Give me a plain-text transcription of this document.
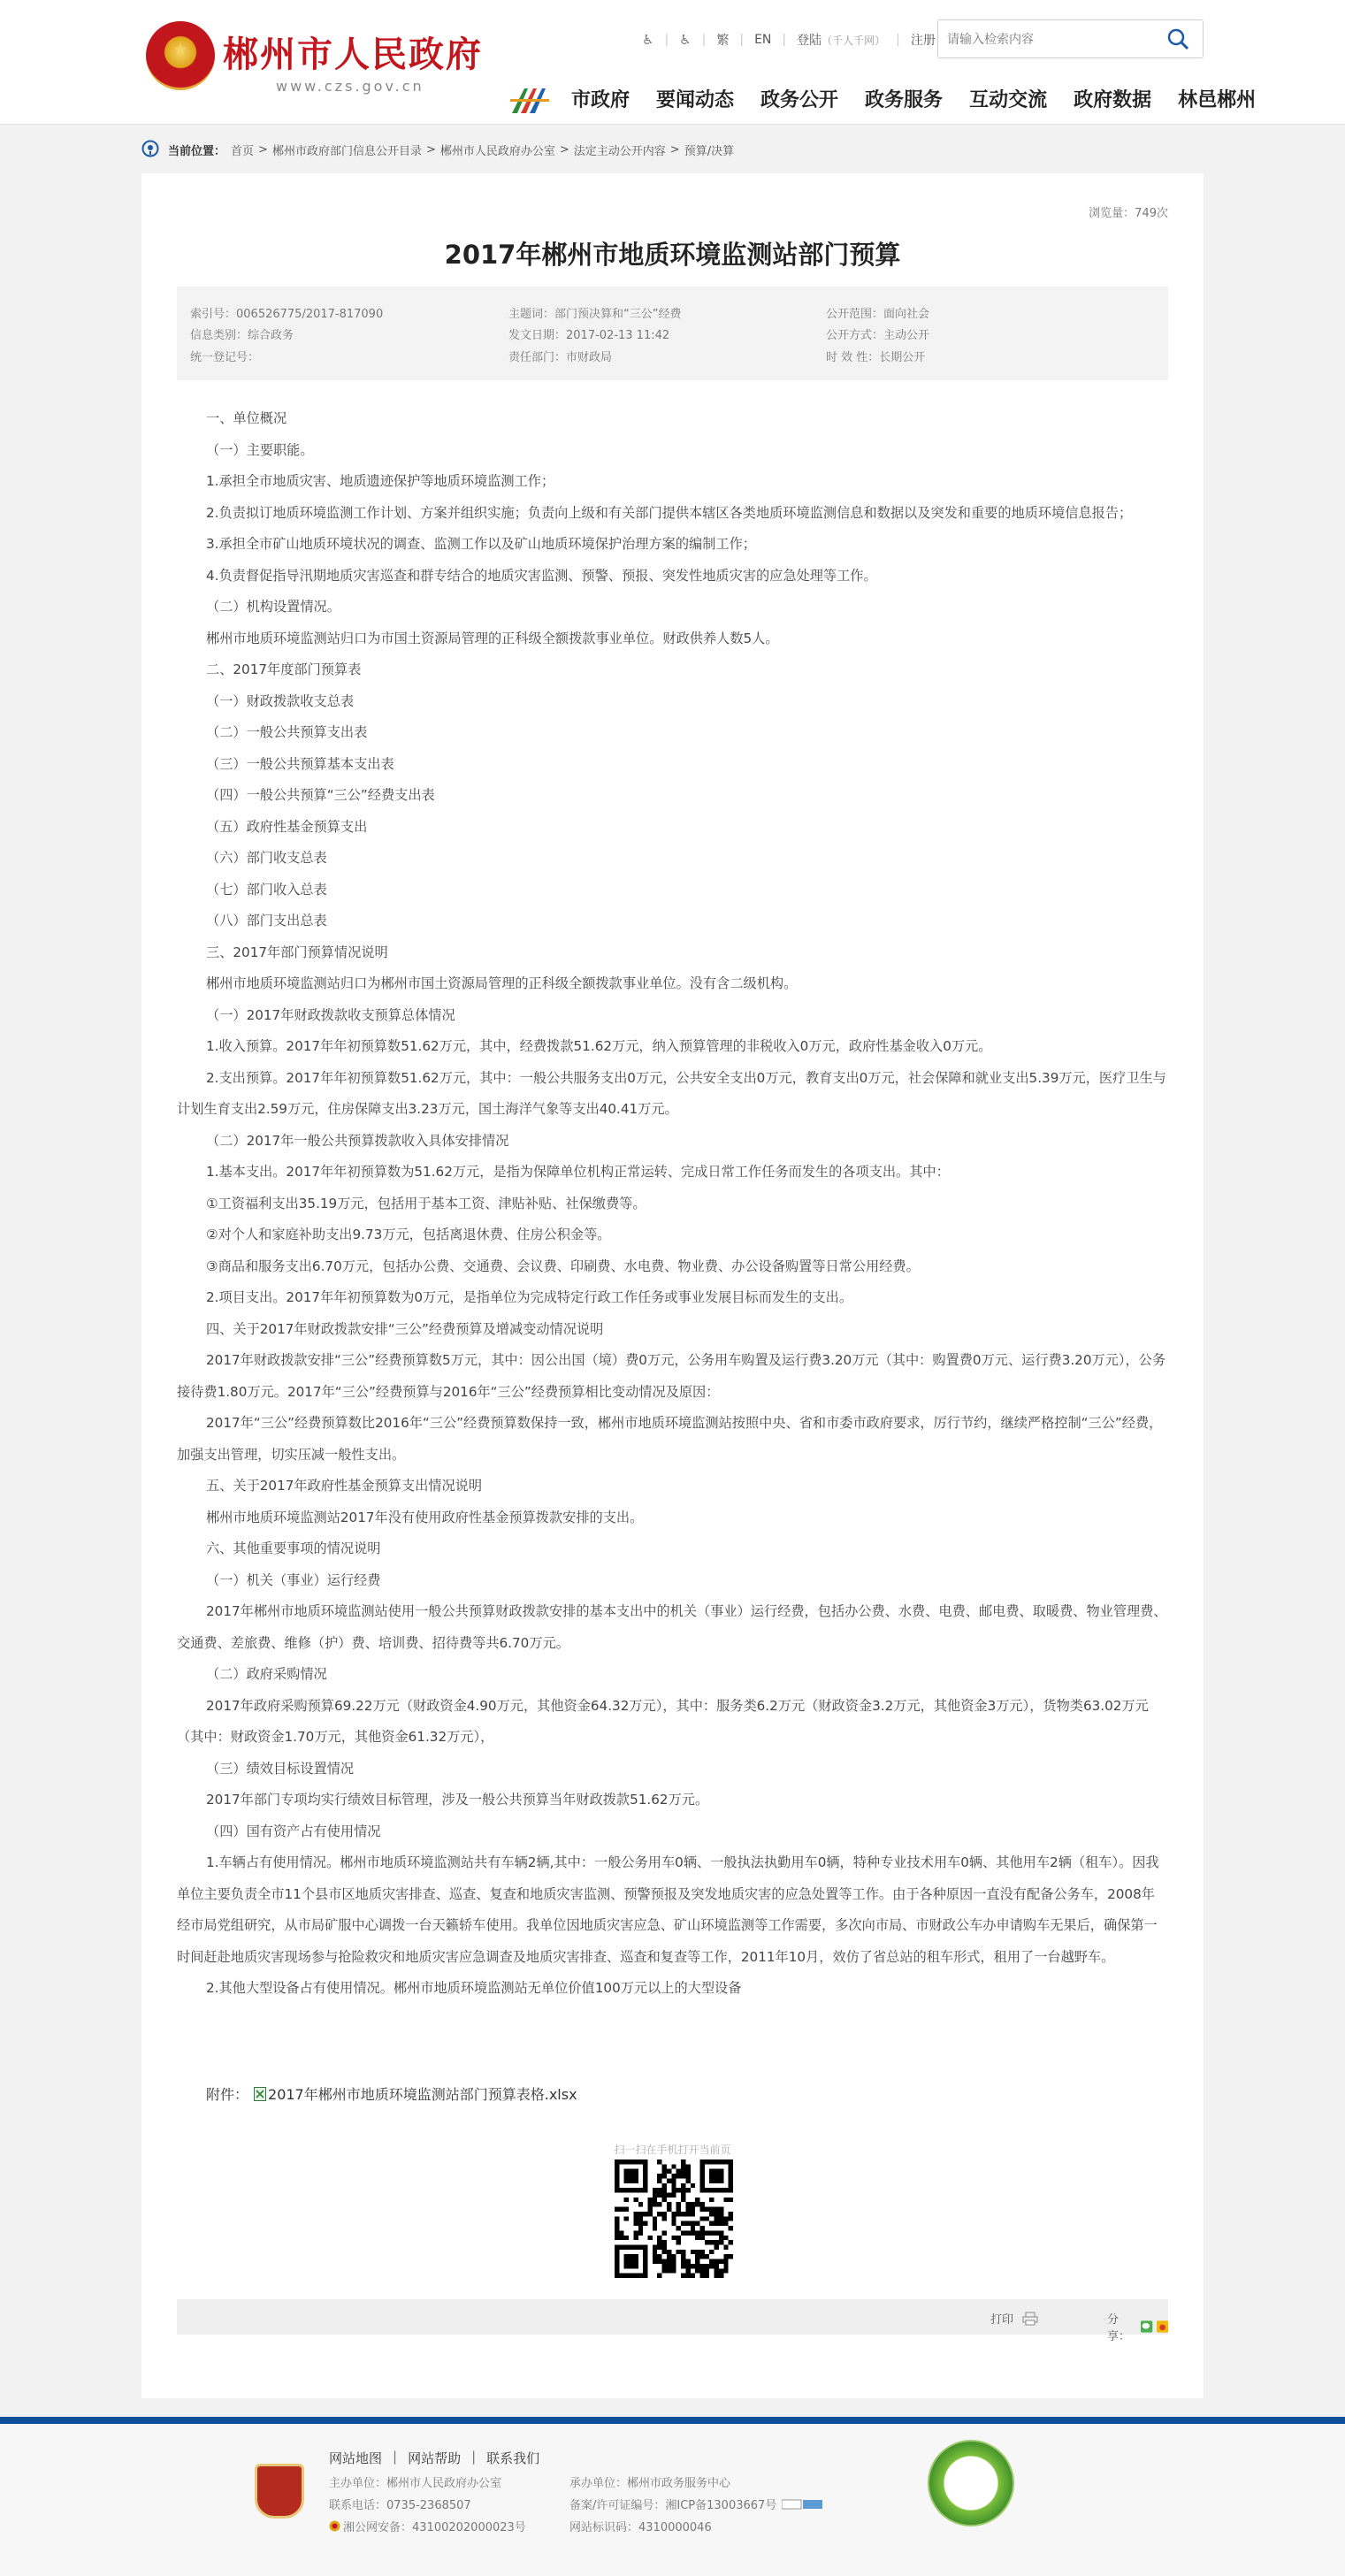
郴州市人民政府
www.czs.gov.cn
♿ | ♿ | 繁 | EN | 登陆 （千人千网） | 注册
请输入检索内容
市政府 要闻动态 政务公开 政务服务 互动交流 政府数据 林邑郴州
当前位置： 首页 > 郴州市政府部门信息公开目录 > 郴州市人民政府办公室 > 法定主动公开内容 > 预算/决算
浏览量：749次
2017年郴州市地质环境监测站部门预算
索引号：006526775/2017-817090
信息类别：综合政务
统一登记号：
主题词：部门预决算和“三公”经费
发文日期：2017-02-13 11:42
责任部门：市财政局
公开范围：面向社会
公开方式：主动公开
时 效 性：长期公开

一、单位概况

（一）主要职能。

1.承担全市地质灾害、地质遗迹保护等地质环境监测工作；

2.负责拟订地质环境监测工作计划、方案并组织实施；负责向上级和有关部门提供本辖区各类地质环境监测信息和数据以及突发和重要的地质环境信息报告；

3.承担全市矿山地质环境状况的调查、监测工作以及矿山地质环境保护治理方案的编制工作；

4.负责督促指导汛期地质灾害巡查和群专结合的地质灾害监测、预警、预报、突发性地质灾害的应急处理等工作。

（二）机构设置情况。

郴州市地质环境监测站归口为市国土资源局管理的正科级全额拨款事业单位。财政供养人数5人。

二、2017年度部门预算表

（一）财政拨款收支总表

（二）一般公共预算支出表

（三）一般公共预算基本支出表

（四）一般公共预算“三公”经费支出表

（五）政府性基金预算支出

（六）部门收支总表

（七）部门收入总表

（八）部门支出总表

三、2017年部门预算情况说明

郴州市地质环境监测站归口为郴州市国土资源局管理的正科级全额拨款事业单位。没有含二级机构。

（一）2017年财政拨款收支预算总体情况

1.收入预算。2017年年初预算数51.62万元，其中，经费拨款51.62万元，纳入预算管理的非税收入0万元，政府性基金收入0万元。

2.支出预算。2017年年初预算数51.62万元，其中：一般公共服务支出0万元，公共安全支出0万元，教育支出0万元，社会保障和就业支出5.39万元，医疗卫生与计划生育支出2.59万元，住房保障支出3.23万元，国土海洋气象等支出40.41万元。

（二）2017年一般公共预算拨款收入具体安排情况

1.基本支出。2017年年初预算数为51.62万元，是指为保障单位机构正常运转、完成日常工作任务而发生的各项支出。其中：

①工资福利支出35.19万元，包括用于基本工资、津贴补贴、社保缴费等。

②对个人和家庭补助支出9.73万元，包括离退休费、住房公积金等。

③商品和服务支出6.70万元，包括办公费、交通费、会议费、印刷费、水电费、物业费、办公设备购置等日常公用经费。

2.项目支出。2017年年初预算数为0万元，是指单位为完成特定行政工作任务或事业发展目标而发生的支出。

四、关于2017年财政拨款安排“三公”经费预算及增减变动情况说明

2017年财政拨款安排“三公”经费预算数5万元，其中：因公出国（境）费0万元，公务用车购置及运行费3.20万元（其中：购置费0万元、运行费3.20万元），公务接待费1.80万元。2017年“三公”经费预算与2016年“三公”经费预算相比变动情况及原因：

2017年“三公”经费预算数比2016年“三公”经费预算数保持一致，郴州市地质环境监测站按照中央、省和市委市政府要求，厉行节约，继续严格控制“三公”经费，加强支出管理，切实压减一般性支出。

五、关于2017年政府性基金预算支出情况说明

郴州市地质环境监测站2017年没有使用政府性基金预算拨款安排的支出。

六、其他重要事项的情况说明

（一）机关（事业）运行经费

2017年郴州市地质环境监测站使用一般公共预算财政拨款安排的基本支出中的机关（事业）运行经费，包括办公费、水费、电费、邮电费、取暖费、物业管理费、交通费、差旅费、维修（护）费、培训费、招待费等共6.70万元。

（二）政府采购情况

2017年政府采购预算69.22万元（财政资金4.90万元，其他资金64.32万元），其中：服务类6.2万元（财政资金3.2万元，其他资金3万元），货物类63.02万元（其中：财政资金1.70万元，其他资金61.32万元），

（三）绩效目标设置情况

2017年部门专项均实行绩效目标管理，涉及一般公共预算当年财政拨款51.62万元。

（四）国有资产占有使用情况

1.车辆占有使用情况。郴州市地质环境监测站共有车辆2辆,其中：一般公务用车0辆、一般执法执勤用车0辆，特种专业技术用车0辆、其他用车2辆（租车）。因我单位主要负责全市11个县市区地质灾害排查、巡查、复查和地质灾害监测、预警预报及突发地质灾害的应急处置等工作。由于各种原因一直没有配备公务车，2008年经市局党组研究，从市局矿服中心调拨一台天籁轿车使用。我单位因地质灾害应急、矿山环境监测等工作需要，多次向市局、市财政公车办申请购车无果后，确保第一时间赶赴地质灾害现场参与抢险救灾和地质灾害应急调查及地质灾害排查、巡查和复查等工作，2011年10月，效仿了省总站的租车形式，租用了一台越野车。

2.其他大型设备占有使用情况。郴州市地质环境监测站无单位价值100万元以上的大型设备

附件： 2017年郴州市地质环境监测站部门预算表格.xlsx
扫一扫在手机打开当前页
打印	分享：
网站地图 | 网站帮助 | 联系我们
主办单位：郴州市人民政府办公室
联系电话：0735-2368507
湘公网安备：43100202000023号
承办单位：郴州市政务服务中心
备案/许可证编号：湘ICP备13003667号
网站标识码：4310000046
